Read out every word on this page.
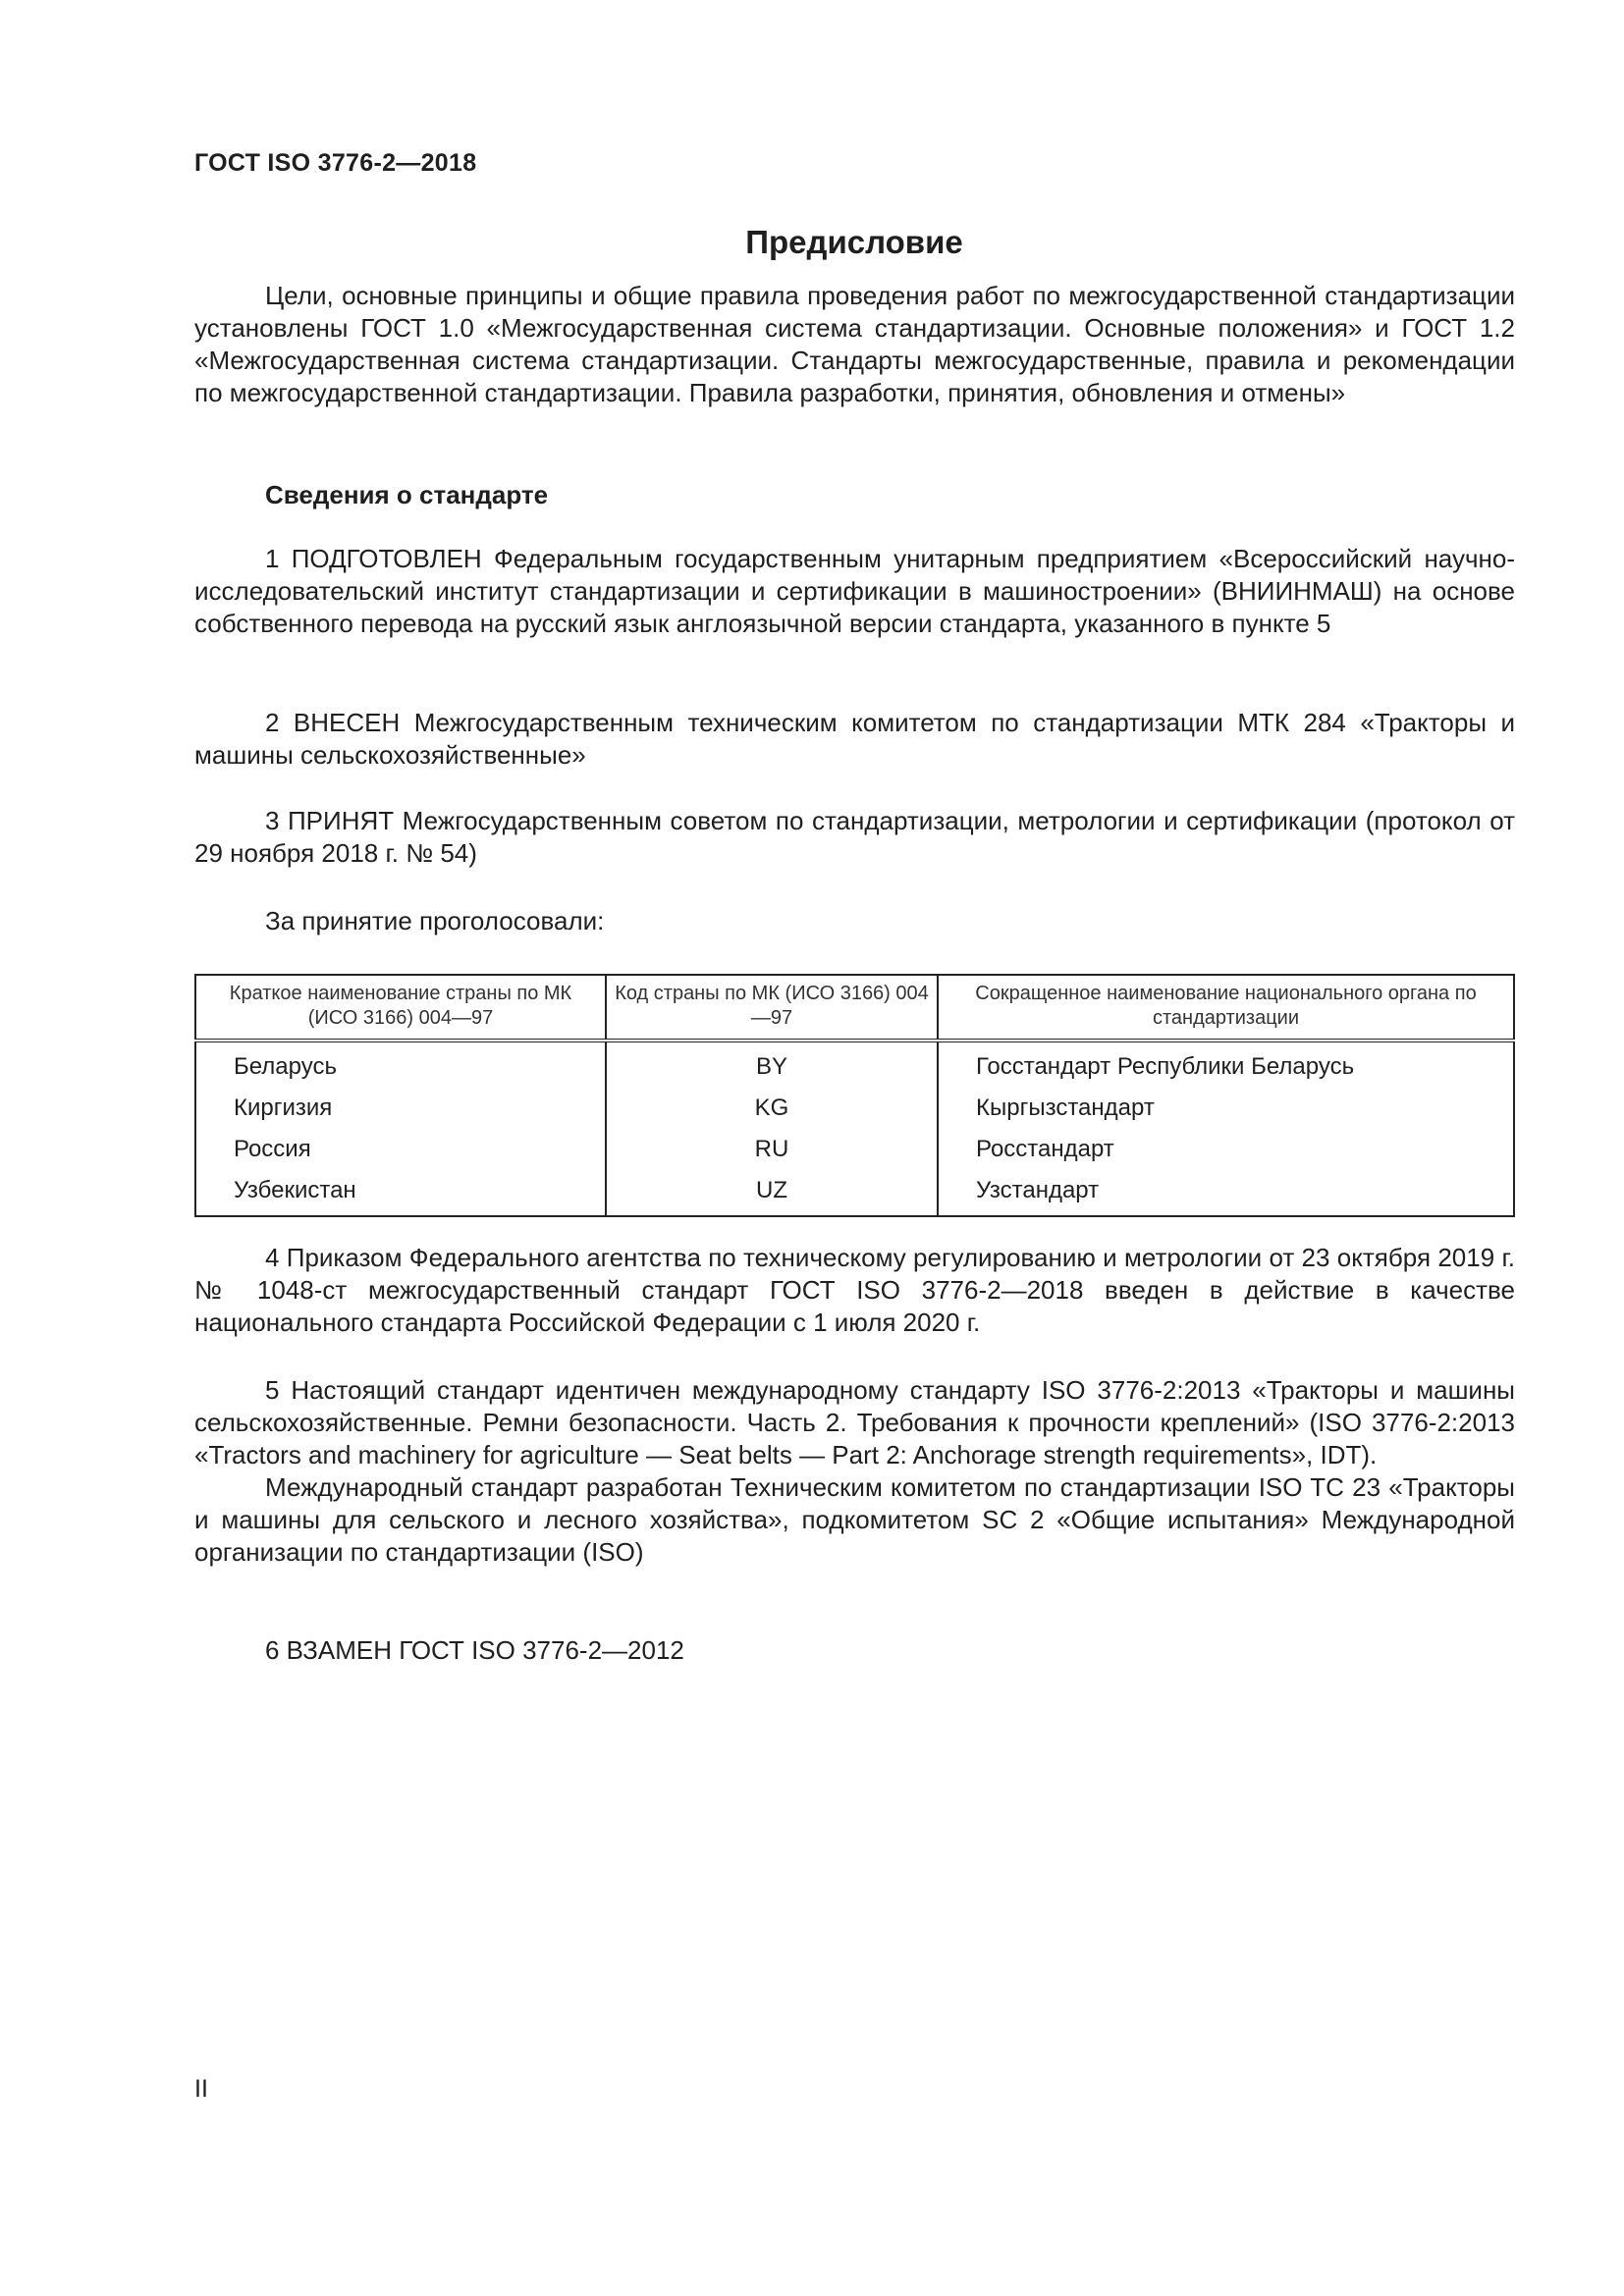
ГОСТ ISO 3776-2—2018
Предисловие

Цели, основные принципы и общие правила проведения работ по межгосударственной стандартизации установлены ГОСТ 1.0 «Межгосударственная система стандартизации. Основные положения» и ГОСТ 1.2 «Межгосударственная система стандартизации. Стандарты межгосударственные, правила и рекомендации по межгосударственной стандартизации. Правила разработки, принятия, обновления и отмены»

Сведения о стандарте

1 ПОДГОТОВЛЕН Федеральным государственным унитарным предприятием «Всероссийский научно-исследовательский институт стандартизации и сертификации в машиностроении» (ВНИИНМАШ) на основе собственного перевода на русский язык англоязычной версии стандарта, указанного в пункте 5

2 ВНЕСЕН Межгосударственным техническим комитетом по стандартизации МТК 284 «Тракторы и машины сельскохозяйственные»

3 ПРИНЯТ Межгосударственным советом по стандартизации, метрологии и сертификации (протокол от 29 ноября 2018 г. № 54)

За принятие проголосовали:

Краткое наименование страны по МК (ИСО 3166) 004—97	Код страны по МК (ИСО 3166) 004—97	Сокращенное наименование национального органа по стандартизации
Беларусь	BY	Госстандарт Республики Беларусь
Киргизия	KG	Кыргызстандарт
Россия	RU	Росстандарт
Узбекистан	UZ	Узстандарт

4 Приказом Федерального агентства по техническому регулированию и метрологии от 23 октября 2019 г. № 1048-ст межгосударственный стандарт ГОСТ ISO 3776-2—2018 введен в действие в качестве национального стандарта Российской Федерации с 1 июля 2020 г.

5 Настоящий стандарт идентичен международному стандарту ISO 3776-2:2013 «Тракторы и машины сельскохозяйственные. Ремни безопасности. Часть 2. Требования к прочности креплений» (ISO 3776-2:2013 «Tractors and machinery for agriculture — Seat belts — Part 2: Anchorage strength requirements», IDT).

Международный стандарт разработан Техническим комитетом по стандартизации ISO TC 23 «Тракторы и машины для сельского и лесного хозяйства», подкомитетом SC 2 «Общие испытания» Международной организации по стандартизации (ISO)

6 ВЗАМЕН ГОСТ ISO 3776-2—2012

II
